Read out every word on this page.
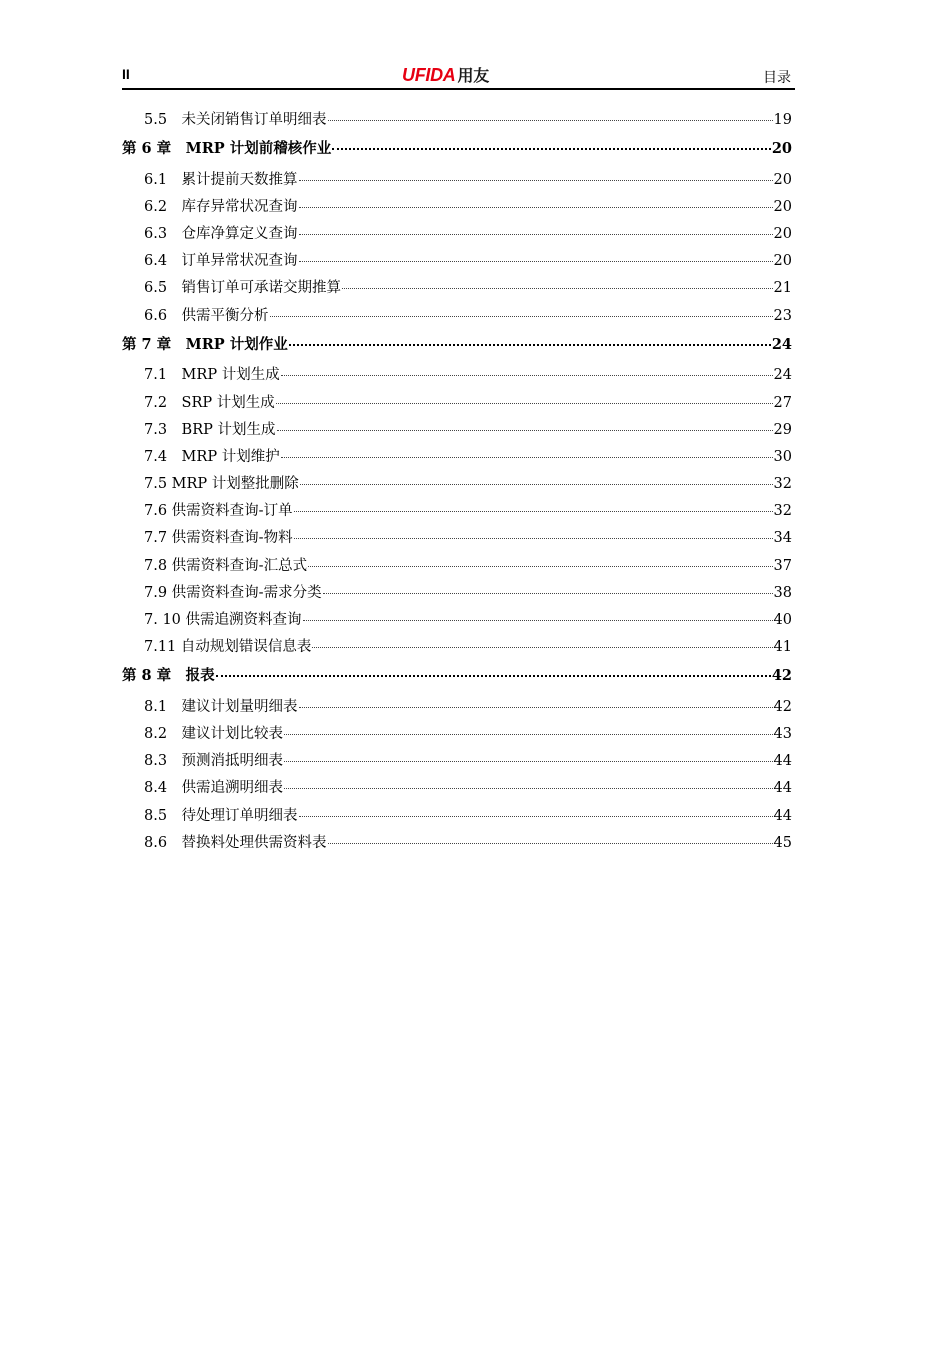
II	UFIDA 用友	目录
5.5　未关闭销售订单明细表	19
第 6 章　MRP 计划前稽核作业	20
6.1　累计提前天数推算	20
6.2　库存异常状况查询	20
6.3　仓库净算定义查询	20
6.4　订单异常状况查询	20
6.5　销售订单可承诺交期推算	21
6.6　供需平衡分析	23
第 7 章　MRP 计划作业	24
7.1　MRP 计划生成	24
7.2　SRP 计划生成	27
7.3　BRP 计划生成	29
7.4　MRP 计划维护	30
7.5 MRP 计划整批删除	32
7.6 供需资料查询-订单	32
7.7 供需资料查询-物料	34
7.8 供需资料查询-汇总式	37
7.9 供需资料查询-需求分类	38
7. 10 供需追溯资料查询	40
7.11 自动规划错误信息表	41
第 8 章　报表	42
8.1　建议计划量明细表	42
8.2　建议计划比较表	43
8.3　预测消抵明细表	44
8.4　供需追溯明细表	44
8.5　待处理订单明细表	44
8.6　替换料处理供需资料表	45
